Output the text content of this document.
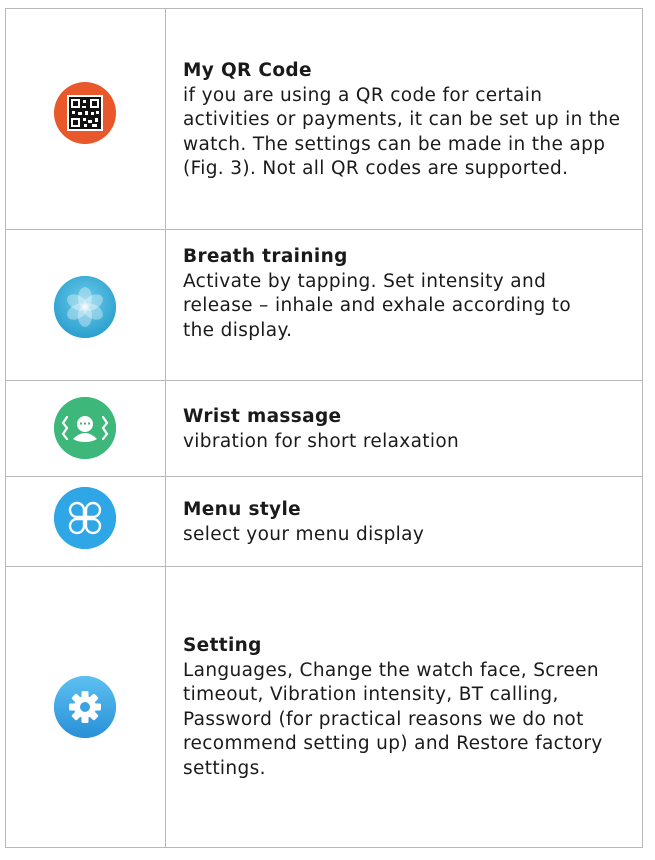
My QR Code
if you are using a QR code for certain
activities or payments, it can be set up in the
watch. The settings can be made in the app
(Fig. 3). Not all QR codes are supported.
Breath training
Activate by tapping. Set intensity and
release – inhale and exhale according to
the display.
Wrist massage
vibration for short relaxation
Menu style
select your menu display
Setting
Languages, Change the watch face, Screen
timeout, Vibration intensity, BT calling,
Password (for practical reasons we do not
recommend setting up) and Restore factory
settings.
